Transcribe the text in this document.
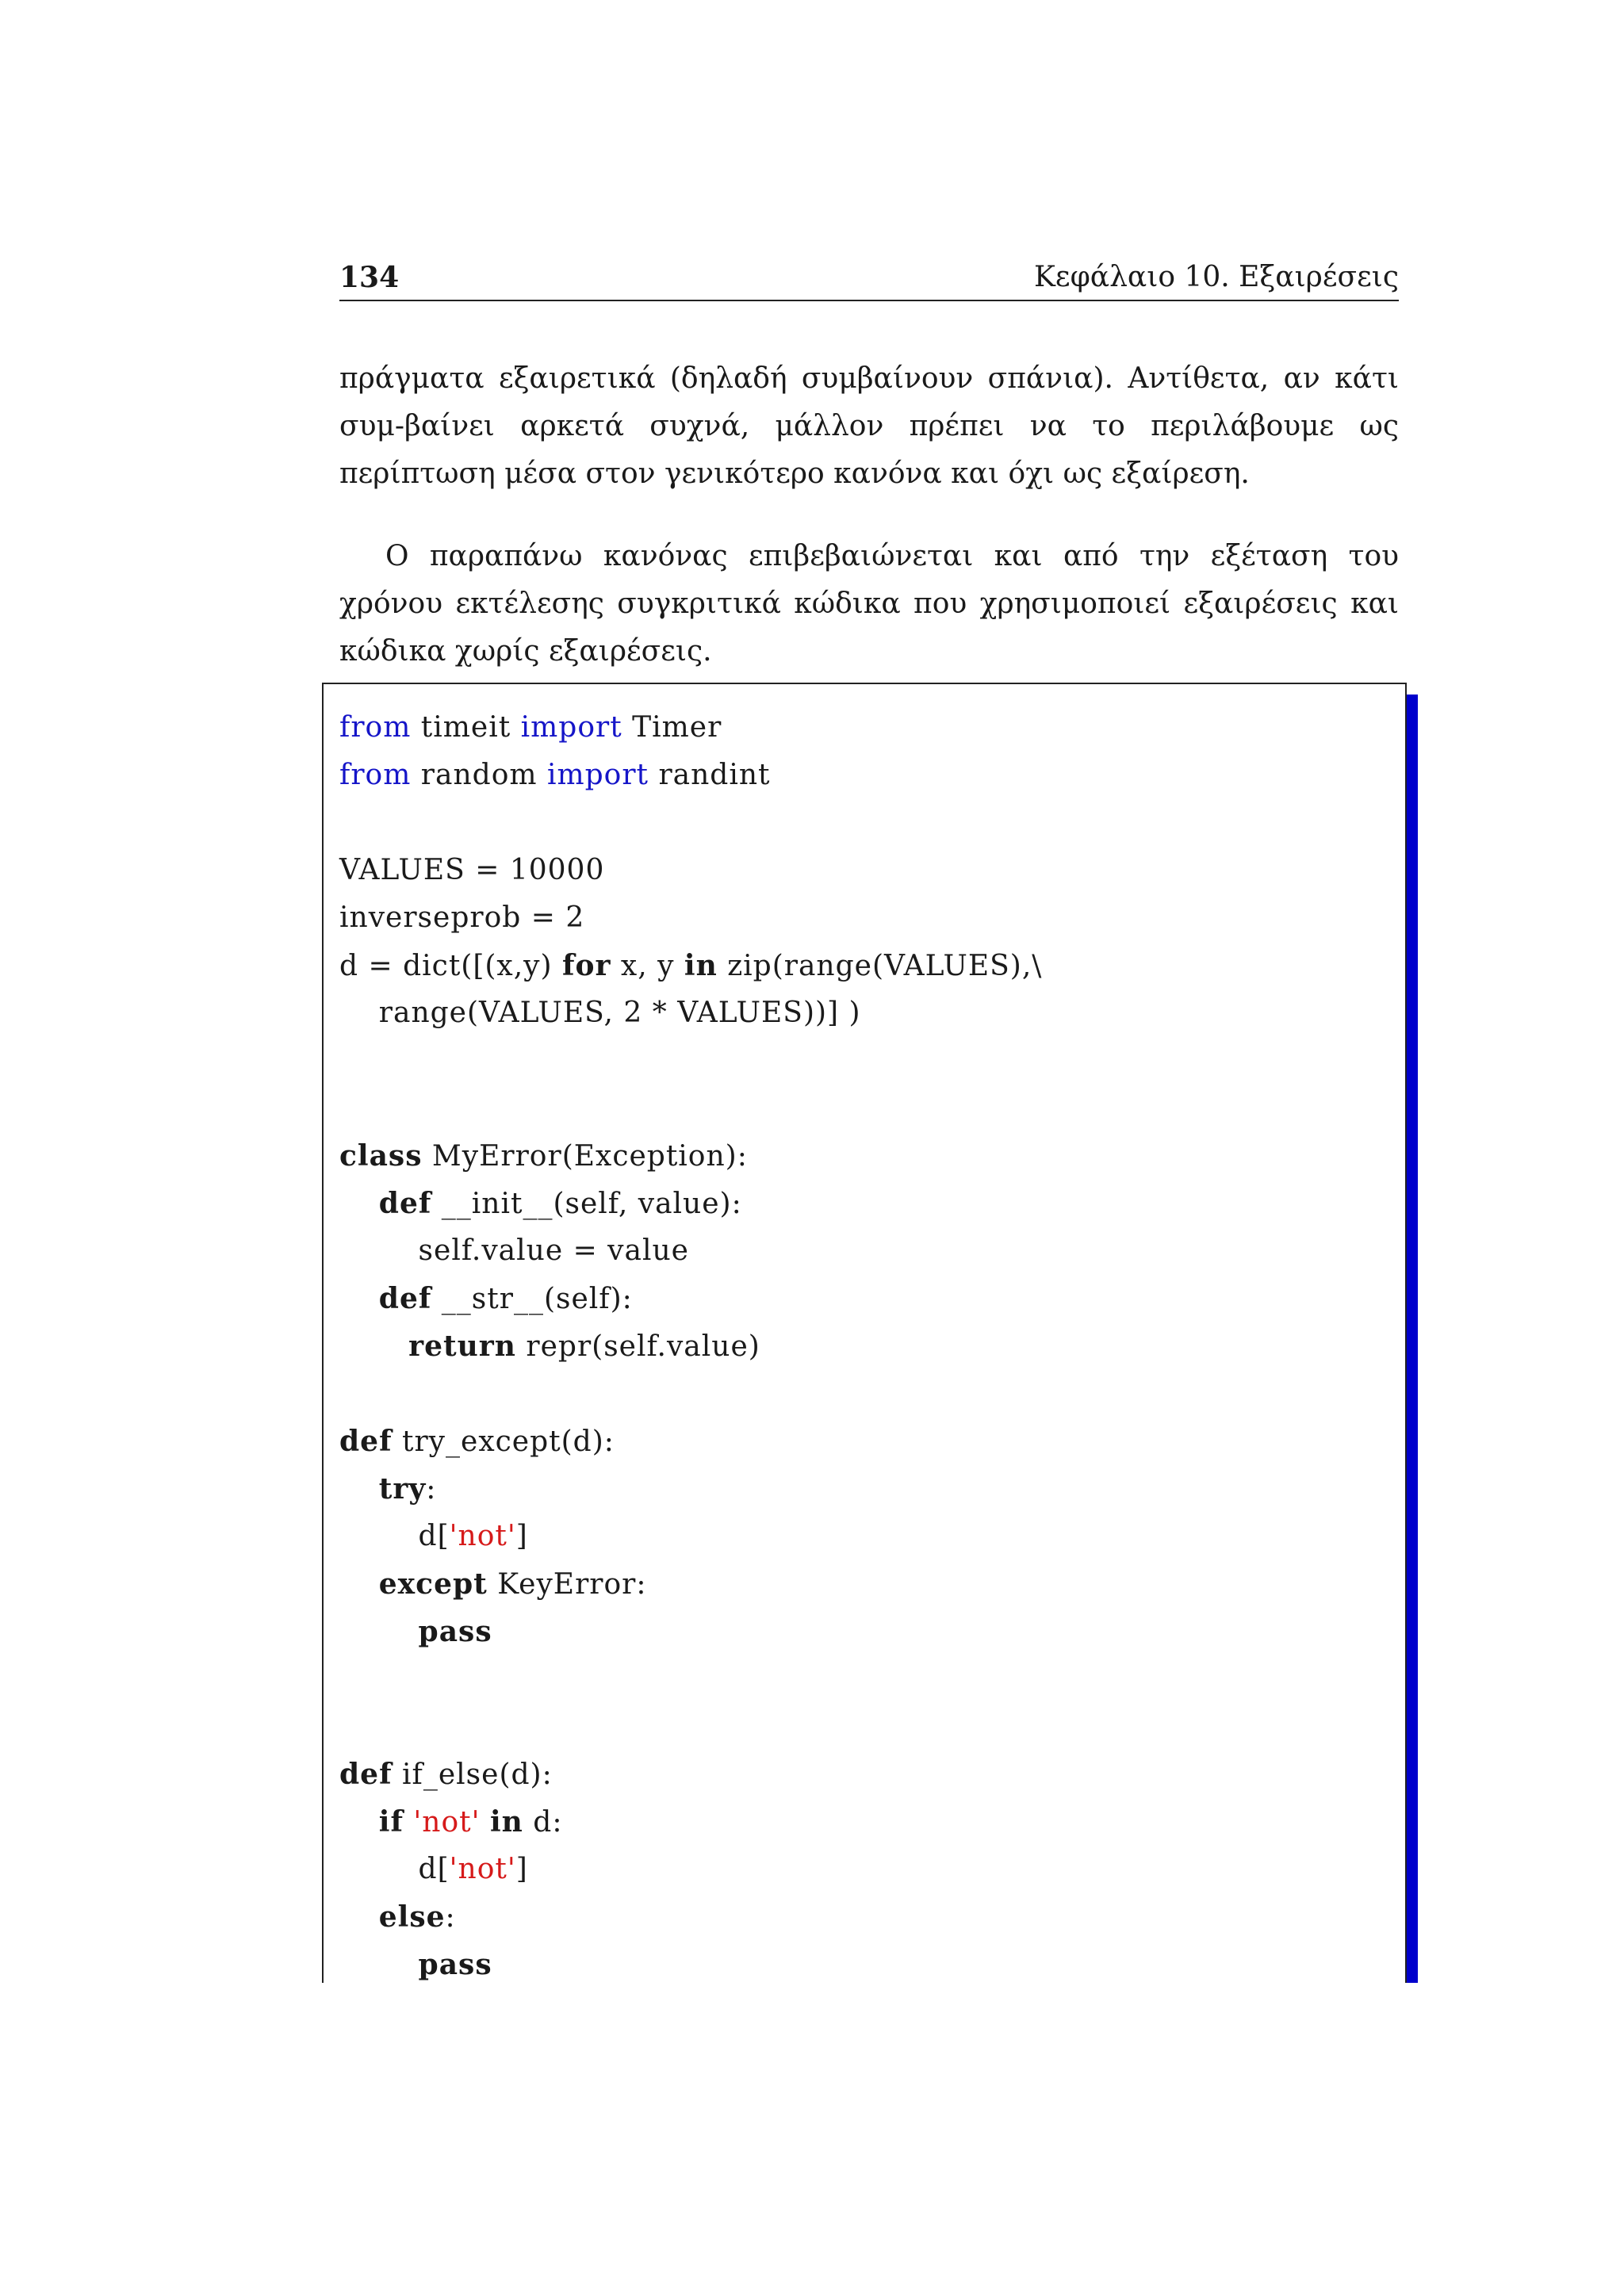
134	Κεφάλαιο 10. Εξαιρέσεις

πράγματα εξαιρετικά (δηλαδή συμβαίνουν σπάνια). Αντίθετα, αν κάτι συμ-βαίνει αρκετά συχνά, μάλλον πρέπει να το περιλάβουμε ως περίπτωση μέσα στον γενικότερο κανόνα και όχι ως εξαίρεση.

Ο παραπάνω κανόνας επιβεβαιώνεται και από την εξέταση του χρόνου εκτέλεσης συγκριτικά κώδικα που χρησιμοποιεί εξαιρέσεις και κώδικα χωρίς εξαιρέσεις.

from timeit import Timer
from random import randint
VALUES = 10000
inverseprob = 2
d = dict([(x,y) for x, y in zip(range(VALUES),\
range(VALUES, 2 * VALUES))] )
class MyError(Exception):
def __init__(self, value):
self.value = value
def __str__(self):
return repr(self.value)
def try_except(d):
try:
d['not']
except KeyError:
pass
def if_else(d):
if 'not' in d:
d['not']
else:
pass
